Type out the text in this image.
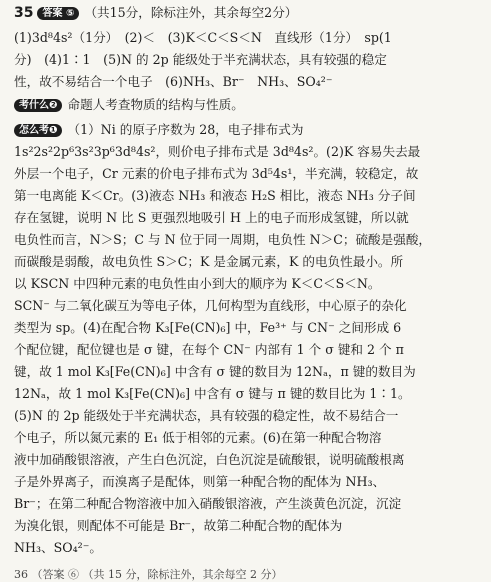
35 答案 ⑤ （共15分，除标注外，其余每空2分）
(1)3d⁸4s²（1分）　(2)＜　(3)K＜C＜S＜N　直线形（1分）　sp(1
分)　(4)1∶1　(5)N 的 2p 能级处于半充满状态，具有较强的稳定
性，故不易结合一个电子　(6)NH₃、Br⁻　NH₃、SO₄²⁻
考什么❷ 命题人考查物质的结构与性质。
怎么考❶ （1）Ni 的原子序数为 28，电子排布式为
1s²2s²2p⁶3s²3p⁶3d⁸4s²，则价电子排布式是 3d⁸4s²。(2)K 容易失去最
外层一个电子，Cr 元素的价电子排布式为 3d⁵4s¹，半充满，较稳定，故
第一电离能 K＜Cr。(3)液态 NH₃ 和液态 H₂S 相比，液态 NH₃ 分子间
存在氢键，说明 N 比 S 更强烈地吸引 H 上的电子而形成氢键，所以就
电负性而言，N＞S；C 与 N 位于同一周期，电负性 N＞C；硫酸是强酸，
而碳酸是弱酸，故电负性 S＞C；K 是金属元素，K 的电负性最小。所
以 KSCN 中四种元素的电负性由小到大的顺序为 K＜C＜S＜N。
SCN⁻ 与二氧化碳互为等电子体，几何构型为直线形，中心原子的杂化
类型为 sp。(4)在配合物 K₃[Fe(CN)₆] 中，Fe³⁺ 与 CN⁻ 之间形成 6
个配位键，配位键也是 σ 键，在每个 CN⁻ 内部有 1 个 σ 键和 2 个 π
键，故 1 mol K₃[Fe(CN)₆] 中含有 σ 键的数目为 12Nₐ，π 键的数目为
12Nₐ，故 1 mol K₃[Fe(CN)₆] 中含有 σ 键与 π 键的数目比为 1∶1。
(5)N 的 2p 能级处于半充满状态，具有较强的稳定性，故不易结合一
个电子，所以氮元素的 E₁ 低于相邻的元素。(6)在第一种配合物溶
液中加硝酸银溶液，产生白色沉淀，白色沉淀是硫酸银，说明硫酸根离
子是外界离子，而溴离子是配体，则第一种配合物的配体为 NH₃、
Br⁻；在第二种配合物溶液中加入硝酸银溶液，产生淡黄色沉淀，沉淀
为溴化银，则配体不可能是 Br⁻，故第二种配合物的配体为
NH₃、SO₄²⁻。
36 （答案 ⑥ （共 15 分，除标注外，其余每空 2 分）
